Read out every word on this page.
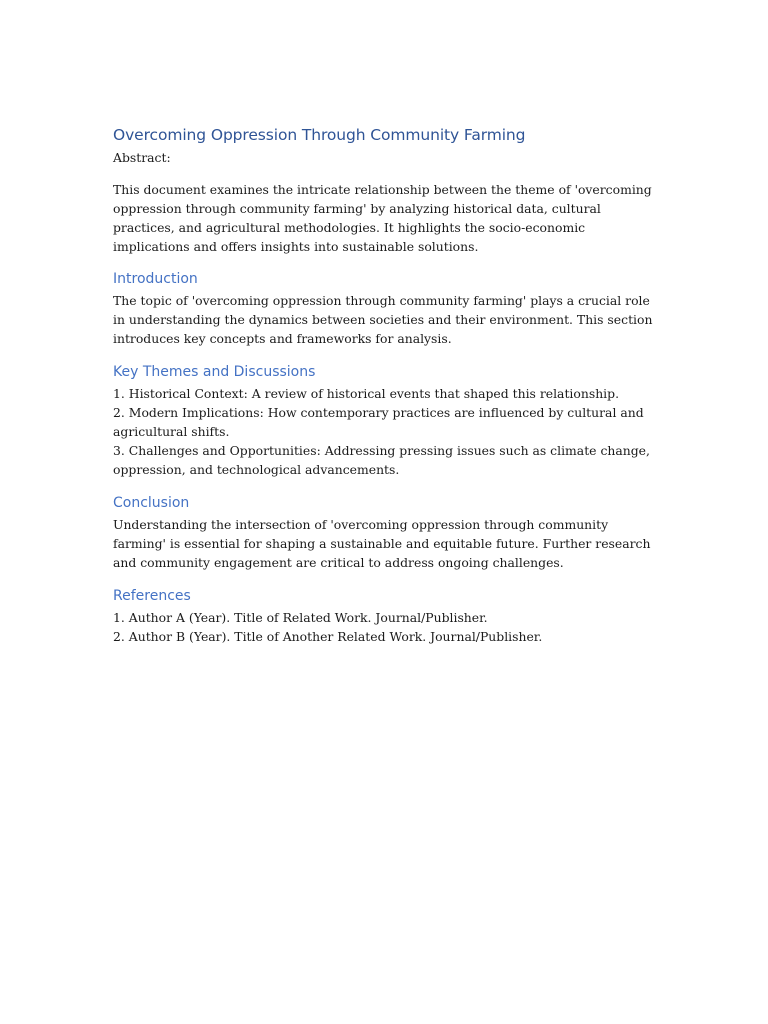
Overcoming Oppression Through Community Farming

Abstract:

This document examines the intricate relationship between the theme of 'overcoming oppression through community farming' by analyzing historical data, cultural practices, and agricultural methodologies. It highlights the socio-economic implications and offers insights into sustainable solutions.

Introduction

The topic of 'overcoming oppression through community farming' plays a crucial role in understanding the dynamics between societies and their environment. This section introduces key concepts and frameworks for analysis.

Key Themes and Discussions
1. Historical Context: A review of historical events that shaped this relationship.
2. Modern Implications: How contemporary practices are influenced by cultural and agricultural shifts.
3. Challenges and Opportunities: Addressing pressing issues such as climate change, oppression, and technological advancements.
Conclusion

Understanding the intersection of 'overcoming oppression through community farming' is essential for shaping a sustainable and equitable future. Further research and community engagement are critical to address ongoing challenges.

References
1. Author A (Year). Title of Related Work. Journal/Publisher.
2. Author B (Year). Title of Another Related Work. Journal/Publisher.
